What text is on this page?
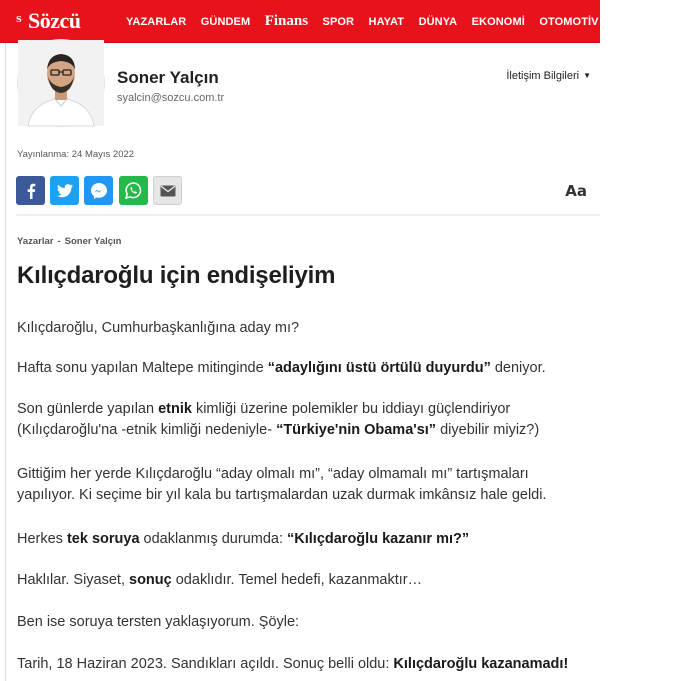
S Sözcü	YAZARLAR GÜNDEM Finans SPOR HAYAT DÜNYA EKONOMİ OTOMOTİV E-GAZETE
Soner Yalçın
syalcin@sozcu.com.tr
İletişim Bilgileri ▼
Yayınlanma: 24 Mayıs 2022
Aa
Yazarlar - Soner Yalçın
Kılıçdaroğlu için endişeliyim

Kılıçdaroğlu, Cumhurbaşkanlığına aday mı?

Hafta sonu yapılan Maltepe mitinginde “adaylığını üstü örtülü duyurdu” deniyor.

Son günlerde yapılan etnik kimliği üzerine polemikler bu iddiayı güçlendiriyor (Kılıçdaroğlu'na -etnik kimliği nedeniyle- “Türkiye'nin Obama'sı” diyebilir miyiz?)

Gittiğim her yerde Kılıçdaroğlu “aday olmalı mı”, “aday olmamalı mı” tartışmaları yapılıyor. Ki seçime bir yıl kala bu tartışmalardan uzak durmak imkânsız hale geldi.

Herkes tek soruya odaklanmış durumda: “Kılıçdaroğlu kazanır mı?”

Haklılar. Siyaset, sonuç odaklıdır. Temel hedefi, kazanmaktır…

Ben ise soruya tersten yaklaşıyorum. Şöyle:

Tarih, 18 Haziran 2023. Sandıkları açıldı. Sonuç belli oldu: Kılıçdaroğlu kazanamadı!
